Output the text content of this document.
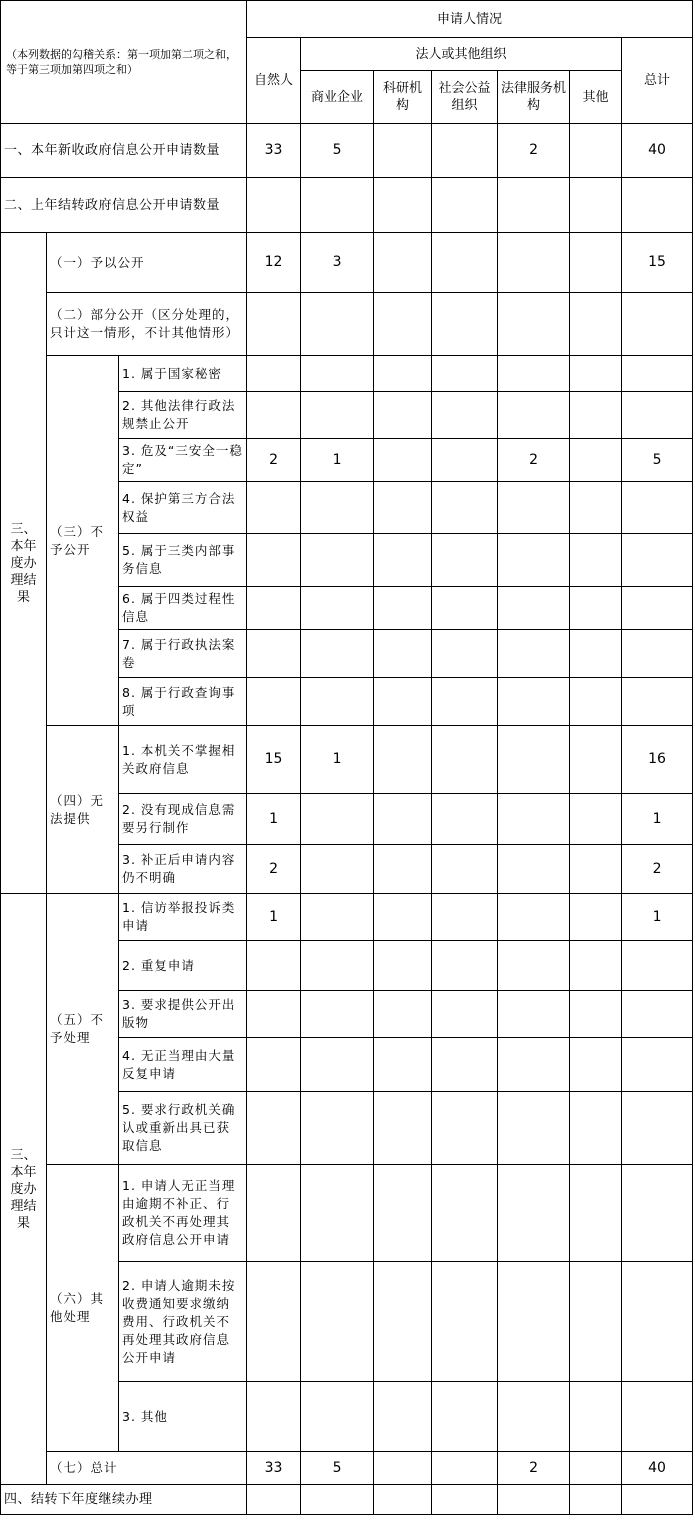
（本列数据的勾稽关系：第一项加第二项之和，等于第三项加第四项之和）			申请人情况						
			自然人	法人或其他组织					总计
				商业企业	科研机构	社会公益组织	法律服务机构	其他	
一、本年新收政府信息公开申请数量			33	5			2		40
二、上年结转政府信息公开申请数量									
三、本年度办理结果	（一）予以公开		12	3					15
	（二）部分公开（区分处理的，只计这一情形，不计其他情形）								
	（三）不予公开	1. 属于国家秘密							
		2. 其他法律行政法规禁止公开							
		3. 危及“三安全一稳定”	2	1			2		5
		4. 保护第三方合法权益							
		5. 属于三类内部事务信息							
		6. 属于四类过程性信息							
		7. 属于行政执法案卷							
		8. 属于行政查询事项							
	（四）无法提供	1. 本机关不掌握相关政府信息	15	1					16
		2. 没有现成信息需要另行制作	1						1
		3. 补正后申请内容仍不明确	2						2
三、本年度办理结果	（五）不予处理	1. 信访举报投诉类申请	1						1
		2. 重复申请							
		3. 要求提供公开出版物							
		4. 无正当理由大量反复申请							
		5. 要求行政机关确认或重新出具已获取信息							
	（六）其他处理	1. 申请人无正当理由逾期不补正、行政机关不再处理其政府信息公开申请							
		2. 申请人逾期未按收费通知要求缴纳费用、行政机关不再处理其政府信息公开申请							
		3. 其他							
	（七）总计		33	5			2		40
四、结转下年度继续办理									
